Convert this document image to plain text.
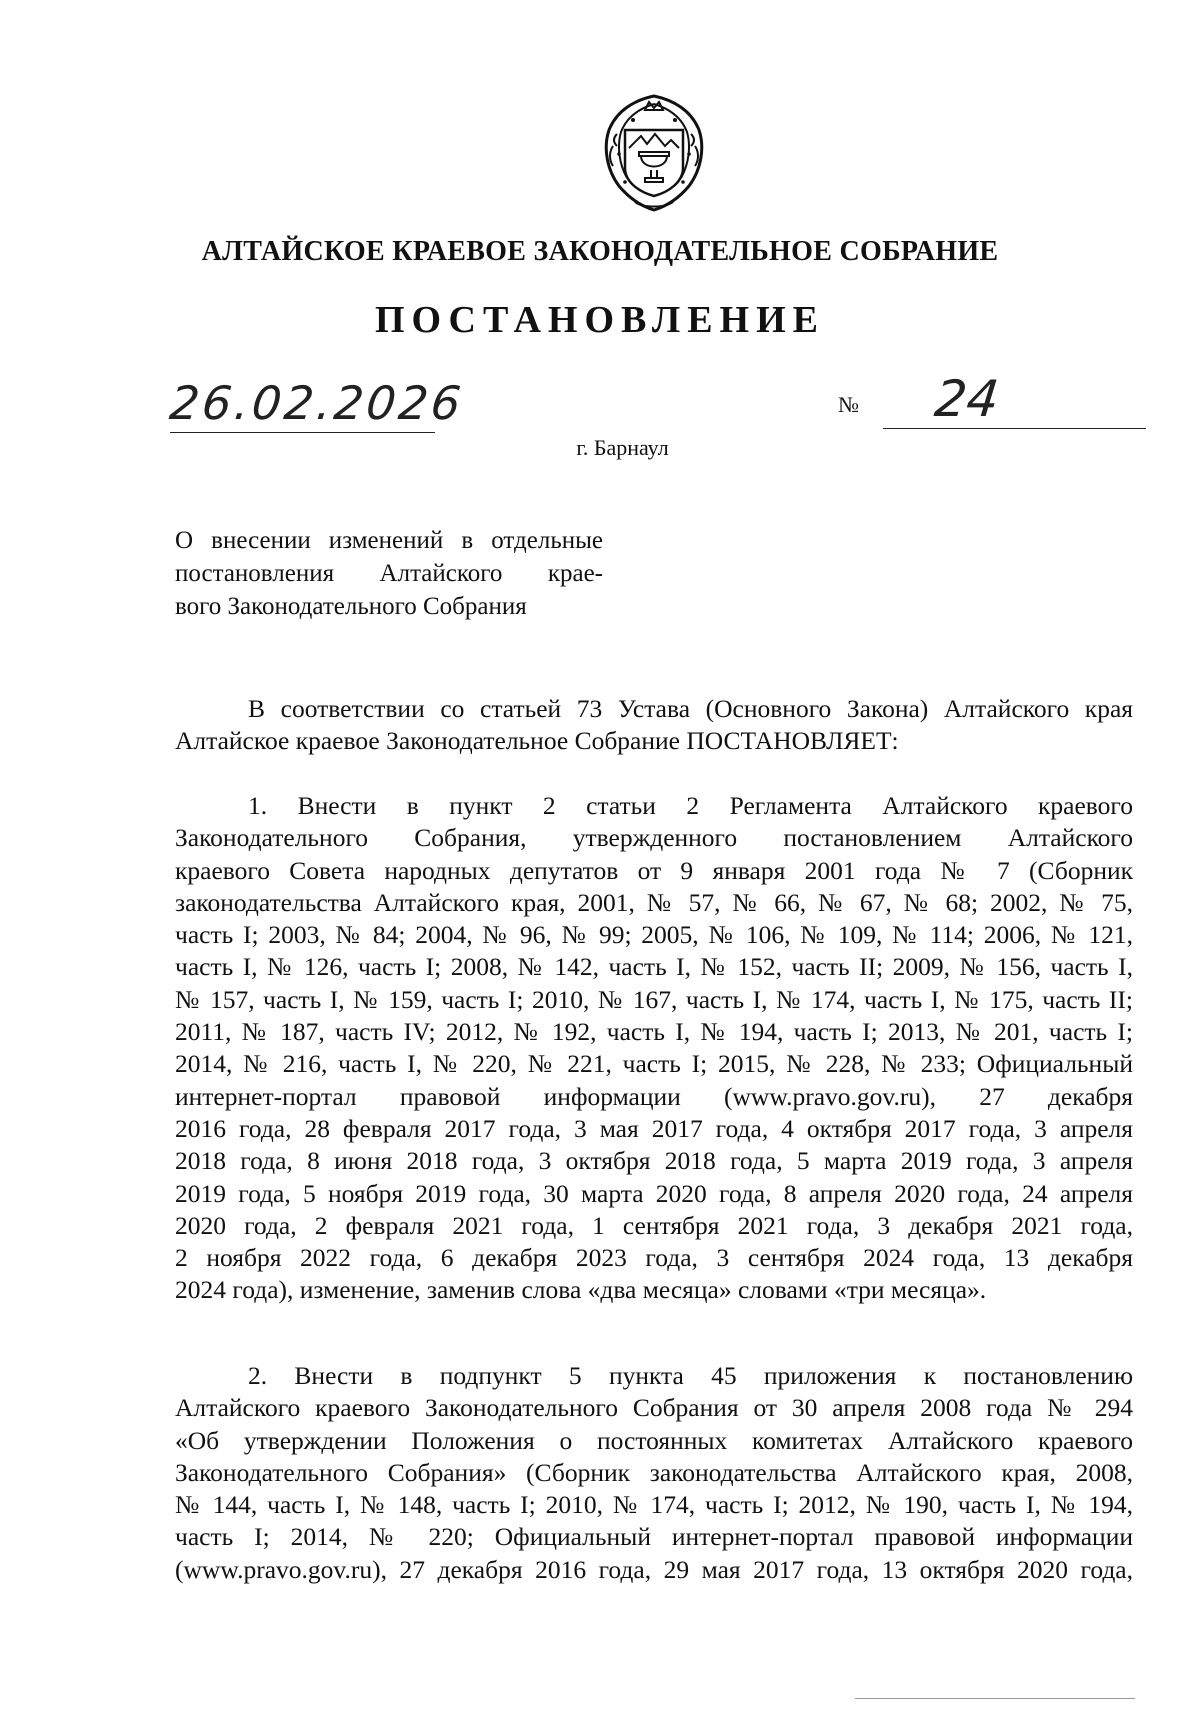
АЛТАЙСКОЕ КРАЕВОЕ ЗАКОНОДАТЕЛЬНОЕ СОБРАНИЕ
ПОСТАНОВЛЕНИЕ
26.02.2026	№ 24
г. Барнаул
О внесении изменений в отдельные
постановления Алтайского крае-
вого Законодательного Собрания
В соответствии со статьей 73 Устава (Основного Закона) Алтайского края
Алтайское краевое Законодательное Собрание ПОСТАНОВЛЯЕТ:
1. Внести в пункт 2 статьи 2 Регламента Алтайского краевого
Законодательного Собрания, утвержденного постановлением Алтайского
краевого Совета народных депутатов от 9 января 2001 года № 7 (Сборник
законодательства Алтайского края, 2001, № 57, № 66, № 67, № 68; 2002, № 75,
часть I; 2003, № 84; 2004, № 96, № 99; 2005, № 106, № 109, № 114; 2006, № 121,
часть I, № 126, часть I; 2008, № 142, часть I, № 152, часть II; 2009, № 156, часть I,
№ 157, часть I, № 159, часть I; 2010, № 167, часть I, № 174, часть I, № 175, часть II;
2011, № 187, часть IV; 2012, № 192, часть I, № 194, часть I; 2013, № 201, часть I;
2014, № 216, часть I, № 220, № 221, часть I; 2015, № 228, № 233; Официальный
интернет-портал правовой информации (www.pravo.gov.ru), 27 декабря
2016 года, 28 февраля 2017 года, 3 мая 2017 года, 4 октября 2017 года, 3 апреля
2018 года, 8 июня 2018 года, 3 октября 2018 года, 5 марта 2019 года, 3 апреля
2019 года, 5 ноября 2019 года, 30 марта 2020 года, 8 апреля 2020 года, 24 апреля
2020 года, 2 февраля 2021 года, 1 сентября 2021 года, 3 декабря 2021 года,
2 ноября 2022 года, 6 декабря 2023 года, 3 сентября 2024 года, 13 декабря
2024 года), изменение, заменив слова «два месяца» словами «три месяца».
2. Внести в подпункт 5 пункта 45 приложения к постановлению
Алтайского краевого Законодательного Собрания от 30 апреля 2008 года № 294
«Об утверждении Положения о постоянных комитетах Алтайского краевого
Законодательного Собрания» (Сборник законодательства Алтайского края, 2008,
№ 144, часть I, № 148, часть I; 2010, № 174, часть I; 2012, № 190, часть I, № 194,
часть I; 2014, № 220; Официальный интернет-портал правовой информации
(www.pravo.gov.ru), 27 декабря 2016 года, 29 мая 2017 года, 13 октября 2020 года,
